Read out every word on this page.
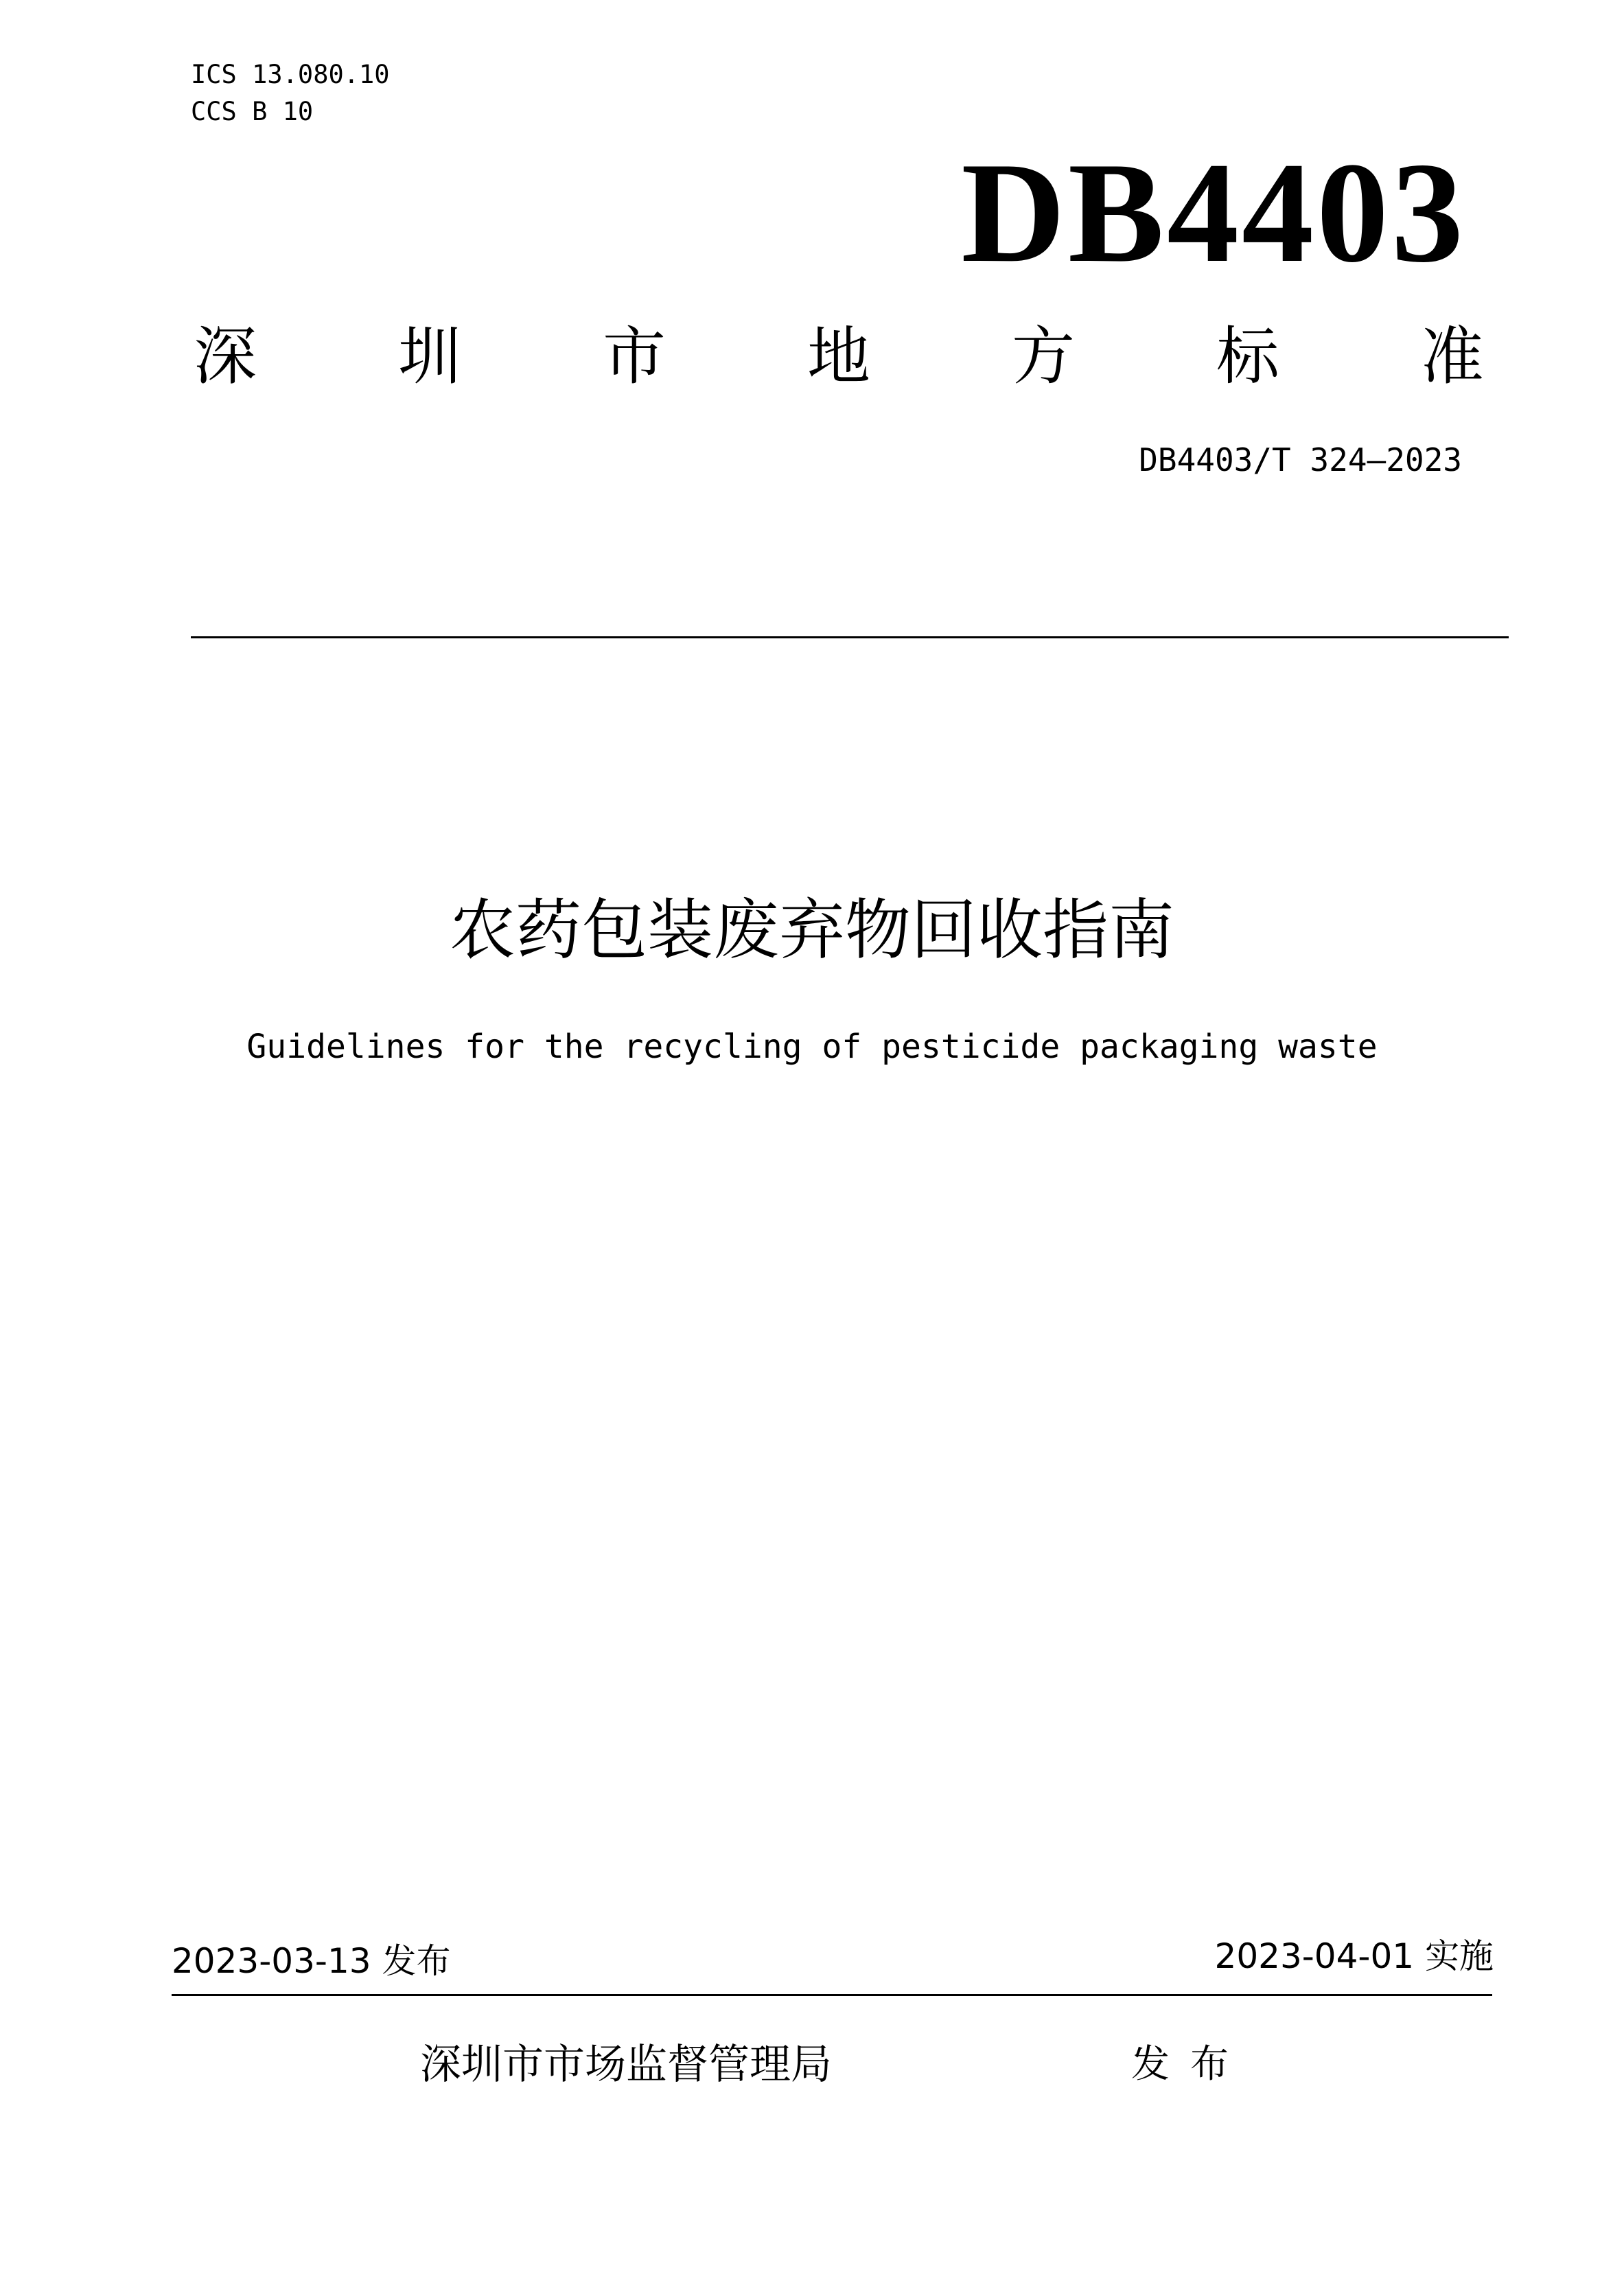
ICS 13.080.10
CCS B 10
DB4403
深 圳 市 地 方 标 准
DB4403/T 324—2023
农药包装废弃物回收指南
Guidelines for the recycling of pesticide packaging waste
2023-03-13 发布	2023-04-01 实施
深圳市市场监督管理局	发布
